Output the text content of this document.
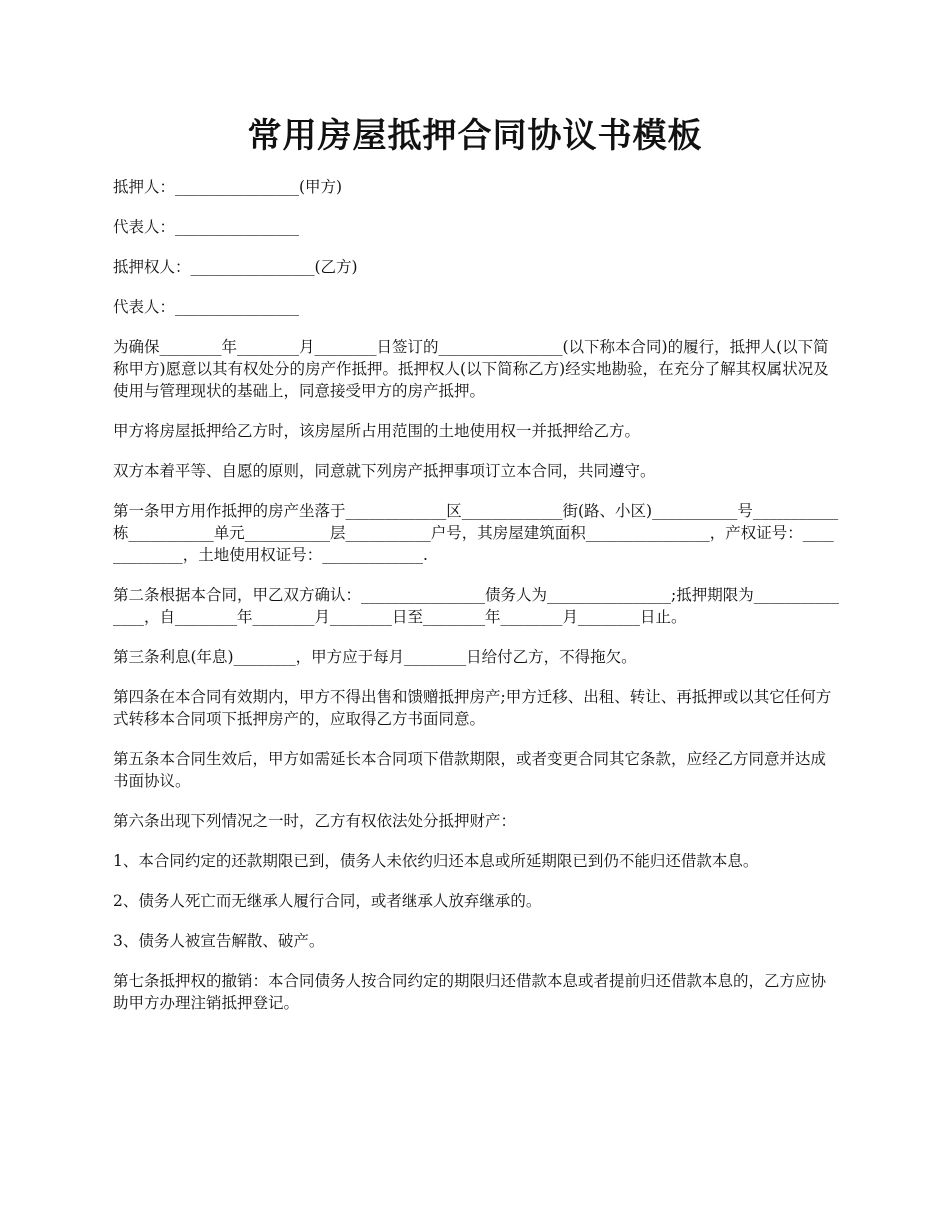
常用房屋抵押合同协议书模板

抵押人：________________(甲方)

代表人：________________

抵押权人：________________(乙方)

代表人：________________

为确保________年________月________日签订的________________(以下称本合同)的履行，抵押人(以下简称甲方)愿意以其有权处分的房产作抵押。抵押权人(以下简称乙方)经实地勘验，在充分了解其权属状况及使用与管理现状的基础上，同意接受甲方的房产抵押。

甲方将房屋抵押给乙方时，该房屋所占用范围的土地使用权一并抵押给乙方。

双方本着平等、自愿的原则，同意就下列房产抵押事项订立本合同，共同遵守。

第一条甲方用作抵押的房产坐落于_____________区_____________街(路、小区)___________号___________栋___________单元___________层___________户号，其房屋建筑面积________________，产权证号：_____________，土地使用权证号：_____________.

第二条根据本合同，甲乙双方确认：________________债务人为________________;抵押期限为_______________，自________年________月________日至________年________月________日止。

第三条利息(年息)________，甲方应于每月________日给付乙方，不得拖欠。

第四条在本合同有效期内，甲方不得出售和馈赠抵押房产;甲方迁移、出租、转让、再抵押或以其它任何方式转移本合同项下抵押房产的，应取得乙方书面同意。

第五条本合同生效后，甲方如需延长本合同项下借款期限，或者变更合同其它条款，应经乙方同意并达成书面协议。

第六条出现下列情况之一时，乙方有权依法处分抵押财产：

1、本合同约定的还款期限已到，债务人未依约归还本息或所延期限已到仍不能归还借款本息。

2、债务人死亡而无继承人履行合同，或者继承人放弃继承的。

3、债务人被宣告解散、破产。

第七条抵押权的撤销：本合同债务人按合同约定的期限归还借款本息或者提前归还借款本息的，乙方应协助甲方办理注销抵押登记。
